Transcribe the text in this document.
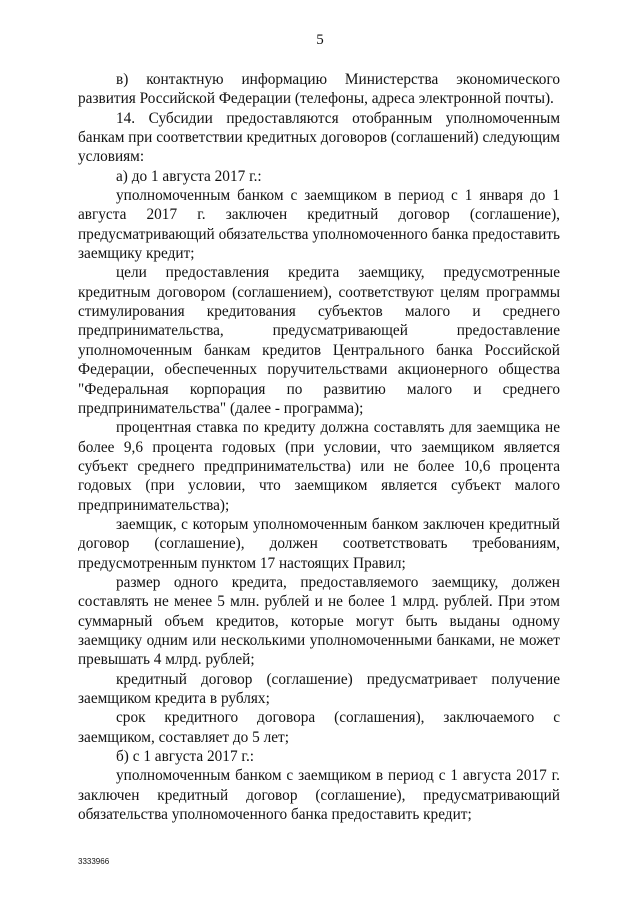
5

в) контактную информацию Министерства экономического развития Российской Федерации (телефоны, адреса электронной почты).

14. Субсидии предоставляются отобранным уполномоченным банкам при соответствии кредитных договоров (соглашений) следующим условиям:

а) до 1 августа 2017 г.:

уполномоченным банком с заемщиком в период с 1 января до 1 августа 2017 г. заключен кредитный договор (соглашение), предусматривающий обязательства уполномоченного банка предоставить заемщику кредит;

цели предоставления кредита заемщику, предусмотренные кредитным договором (соглашением), соответствуют целям программы стимулирования кредитования субъектов малого и среднего предпринимательства, предусматривающей предоставление уполномоченным банкам кредитов Центрального банка Российской Федерации, обеспеченных поручительствами акционерного общества "Федеральная корпорация по развитию малого и среднего предпринимательства" (далее - программа);

процентная ставка по кредиту должна составлять для заемщика не более 9,6 процента годовых (при условии, что заемщиком является субъект среднего предпринимательства) или не более 10,6 процента годовых (при условии, что заемщиком является субъект малого предпринимательства);

заемщик, с которым уполномоченным банком заключен кредитный договор (соглашение), должен соответствовать требованиям, предусмотренным пунктом 17 настоящих Правил;

размер одного кредита, предоставляемого заемщику, должен составлять не менее 5 млн. рублей и не более 1 млрд. рублей. При этом суммарный объем кредитов, которые могут быть выданы одному заемщику одним или несколькими уполномоченными банками, не может превышать 4 млрд. рублей;

кредитный договор (соглашение) предусматривает получение заемщиком кредита в рублях;

срок кредитного договора (соглашения), заключаемого с заемщиком, составляет до 5 лет;

б) с 1 августа 2017 г.:

уполномоченным банком с заемщиком в период с 1 августа 2017 г. заключен кредитный договор (соглашение), предусматривающий обязательства уполномоченного банка предоставить кредит;

3333966
